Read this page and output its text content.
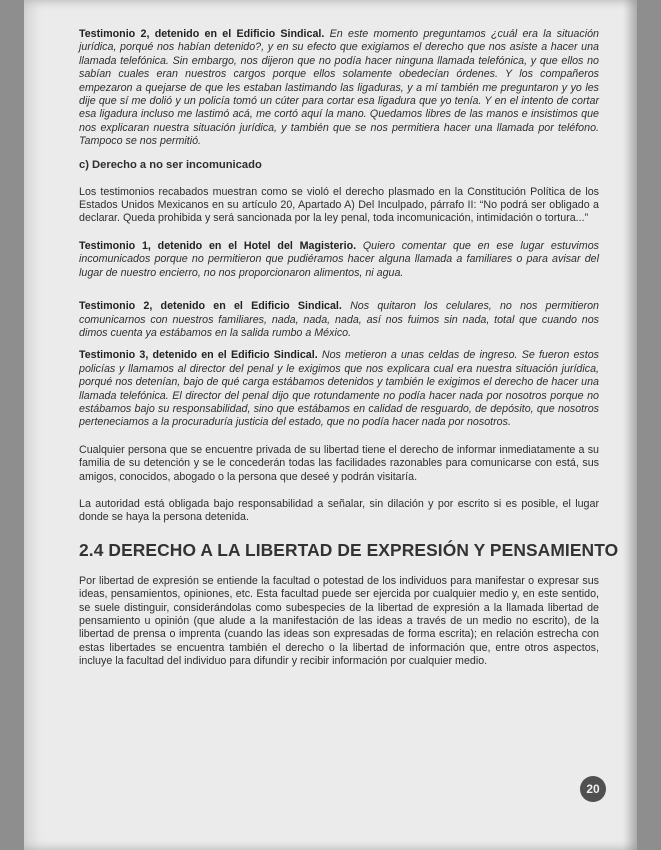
Testimonio 2, detenido en el Edificio Sindical. En este momento preguntamos ¿cuál era la situación jurídica, porqué nos habían detenido?, y en su efecto que exigiamos el derecho que nos asiste a hacer una llamada telefónica. Sin embargo, nos dijeron que no podía hacer ninguna llamada telefónica, y que ellos no sabían cuales eran nuestros cargos porque ellos solamente obedecían órdenes. Y los compañeros empezaron a quejarse de que les estaban lastimando las ligaduras, y a mí también me preguntaron y yo les dije que sí me dolió y un policía tomó un cúter para cortar esa ligadura que yo tenía. Y en el intento de cortar esa ligadura incluso me lastimó acá, me cortó aquí la mano. Quedamos libres de las manos e insistimos que nos explicaran nuestra situación jurídica, y también que se nos permitiera hacer una llamada por teléfono. Tampoco se nos permitió.

c) Derecho a no ser incomunicado

Los testimonios recabados muestran como se violó el derecho plasmado en la Constitución Política de los Estados Unidos Mexicanos en su artículo 20, Apartado A) Del Inculpado, párrafo II: “No podrá ser obligado a declarar. Queda prohibida y será sancionada por la ley penal, toda incomunicación, intimidación o tortura...”

Testimonio 1, detenido en el Hotel del Magisterio. Quiero comentar que en ese lugar estuvimos incomunicados porque no permitieron que pudiéramos hacer alguna llamada a familiares o para avisar del lugar de nuestro encierro, no nos proporcionaron alimentos, ni agua.

Testimonio 2, detenido en el Edificio Sindical. Nos quitaron los celulares, no nos permitieron comunicarnos con nuestros familiares, nada, nada, nada, así nos fuimos sin nada, total que cuando nos dimos cuenta ya estábamos en la salida rumbo a México.

Testimonio 3, detenido en el Edificio Sindical. Nos metieron a unas celdas de ingreso. Se fueron estos policías y llamamos al director del penal y le exigimos que nos explicara cual era nuestra situación jurídica, porqué nos detenían, bajo de qué carga estábamos detenidos y también le exigimos el derecho de hacer una llamada telefónica. El director del penal dijo que rotundamente no podía hacer nada por nosotros porque no estábamos bajo su responsabilidad, sino que estábamos en calidad de resguardo, de depósito, que nosotros perteneciamos a la procuraduría justicia del estado, que no podía hacer nada por nosotros.

Cualquier persona que se encuentre privada de su libertad tiene el derecho de informar inmediatamente a su familia de su detención y se le concederán todas las facilidades razonables para comunicarse con está, sus amigos, conocidos, abogado o la persona que deseé y podrán visitaría.

La autoridad está obligada bajo responsabilidad a señalar, sin dilación y por escrito si es posible, el lugar donde se haya la persona detenida.

2.4 DERECHO A LA LIBERTAD DE EXPRESIÓN Y PENSAMIENTO

Por libertad de expresión se entiende la facultad o potestad de los individuos para manifestar o expresar sus ideas, pensamientos, opiniones, etc. Esta facultad puede ser ejercida por cualquier medio y, en este sentido, se suele distinguir, considerándolas como subespecies de la libertad de expresión a la llamada libertad de pensamiento u opinión (que alude a la manifestación de las ideas a través de un medio no escrito), de la libertad de prensa o imprenta (cuando las ideas son expresadas de forma escrita); en relación estrecha con estas libertades se encuentra también el derecho o la libertad de información que, entre otros aspectos, incluye la facultad del individuo para difundir y recibir información por cualquier medio.

20
